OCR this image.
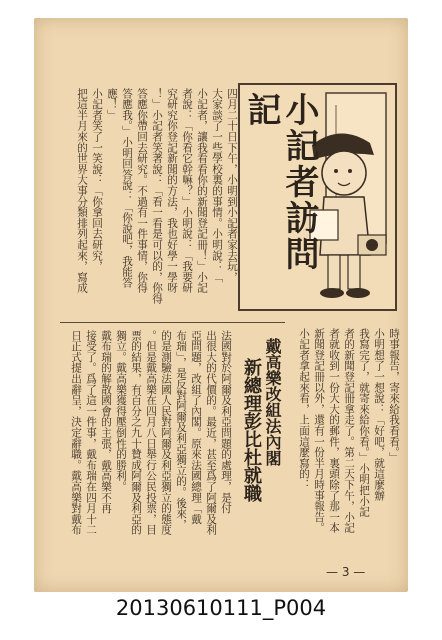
時事報告，寄來給我看看。」
小明想了一想說：「好吧，就這麼辦
我寫完了，就寄來給你看。」小明把小記
者的新聞登記冊拿走了。第二天下午，小記
者就收到一份大大的郵件，裏頭除了那一本
新聞登記冊以外，還有一份半月時事報告。
小記者拿起來看，上面這麼寫的：
小記者訪問記
四月二十日下午，小明到小記者家去玩，
大家談了一些學校裏的事情。小明說：「
小記者，讓我看看你的新聞登記冊！」小記
者說：「你看它幹嘛？」小明說：「我要研
究研究你登記新聞的方法，我也好學一學呀
！」小記者笑著說：「看一看是可以的，你得
答應你帶回去研究。不過有一件事情，你得
答應我。」小明回答說：「你說吧，我能答
應！」
小記者笑了一笑說：「你拿回去研究，
把這半月來的世界大事分類排列起來，寫成
戴高樂改組法內閣
新總理彭比杜就職
法國對於阿爾及利亞問題的處理，是付
出很大的代價的。最近，甚至爲了阿爾及利
亞問題，改組了內閣。原來法國總理「戴
布瑞」，是反對阿爾及利亞獨立的。後來，
的是測驗法國人民對阿爾及利亞獨立的態度
。但是戴高樂在四月八日舉行公民投票，目
票的結果，有百分之九十贊成阿爾及利亞的
獨立。戴高樂獲得壓倒性的勝利。
戴布瑞的解散國會的主張，戴高樂不再
接受了。爲了這一件事，戴布瑞在四月十二
日正式提出辭呈，決定辭職。戴高樂對戴布
— 3 —
20130610111_P004
